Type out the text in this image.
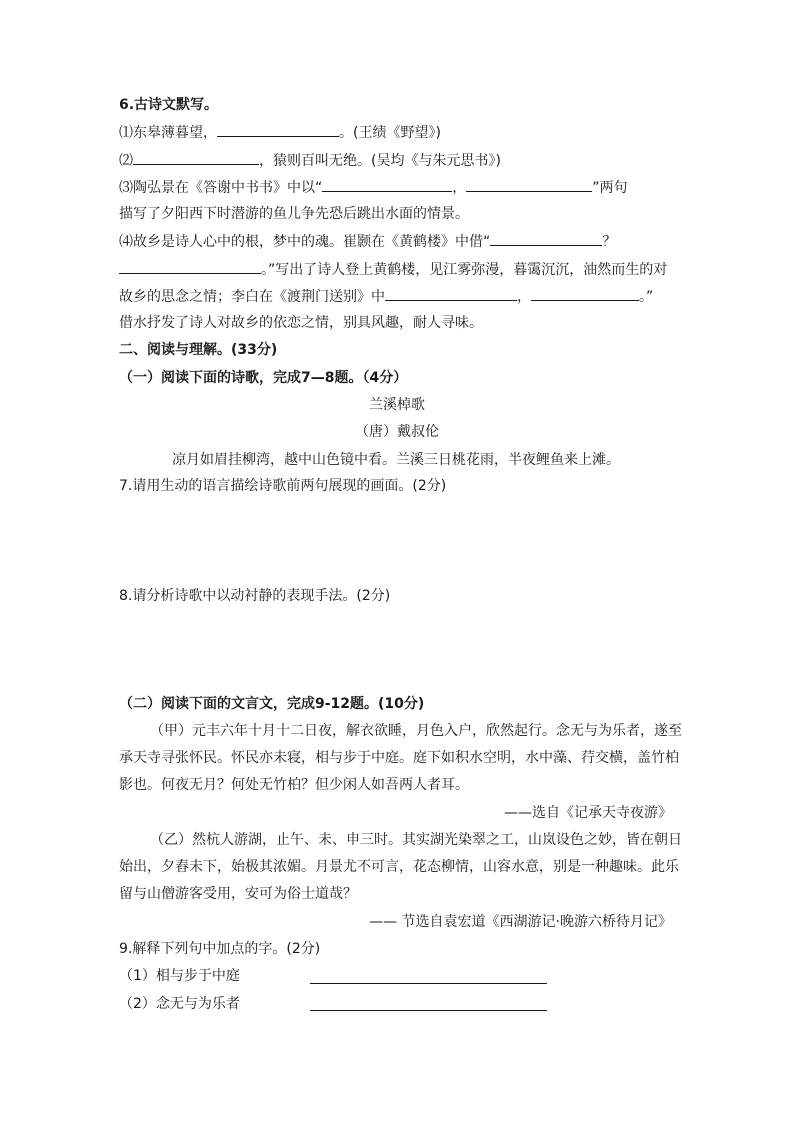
6.古诗文默写。
⑴东皋薄暮望，	。(王绩《野望》)
⑵	，猿则百叫无绝。(吴均《与朱元思书》)
⑶陶弘景在《答谢中书书》中以“	，	”两句
描写了夕阳西下时潜游的鱼儿争先恐后跳出水面的情景。
⑷故乡是诗人心中的根，梦中的魂。崔颢在《黄鹤楼》中借“	？
。”写出了诗人登上黄鹤楼，见江雾弥漫，暮霭沉沉，油然而生的对
故乡的思念之情；李白在《渡荆门送别》中	，	。”
借水抒发了诗人对故乡的依恋之情，别具风趣，耐人寻味。
二、阅读与理解。(33分)
（一）阅读下面的诗歌，完成7—8题。（4分）
兰溪棹歌
（唐）戴叔伦
凉月如眉挂柳湾，越中山色镜中看。兰溪三日桃花雨，半夜鲤鱼来上滩。
7.请用生动的语言描绘诗歌前两句展现的画面。(2分)
8.请分析诗歌中以动衬静的表现手法。(2分)
（二）阅读下面的文言文，完成9-12题。(10分)
（甲）元丰六年十月十二日夜，解衣欲睡，月色入户，欣然起行。念无与为乐者，遂至
承天寺寻张怀民。怀民亦未寝，相与步于中庭。庭下如积水空明，水中藻、荇交横，盖竹柏
影也。何夜无月？何处无竹柏？但少闲人如吾两人者耳。
——选自《记承天寺夜游》
（乙）然杭人游湖，止午、未、申三时。其实湖光染翠之工，山岚设色之妙，皆在朝日
始出，夕舂未下，始极其浓媚。月景尤不可言，花态柳情，山容水意，别是一种趣味。此乐
留与山僧游客受用，安可为俗士道哉？
—— 节选自袁宏道《西湖游记·晚游六桥待月记》
9.解释下列句中加点的字。(2分)
（1）相与步于中庭
（2）念无与为乐者
